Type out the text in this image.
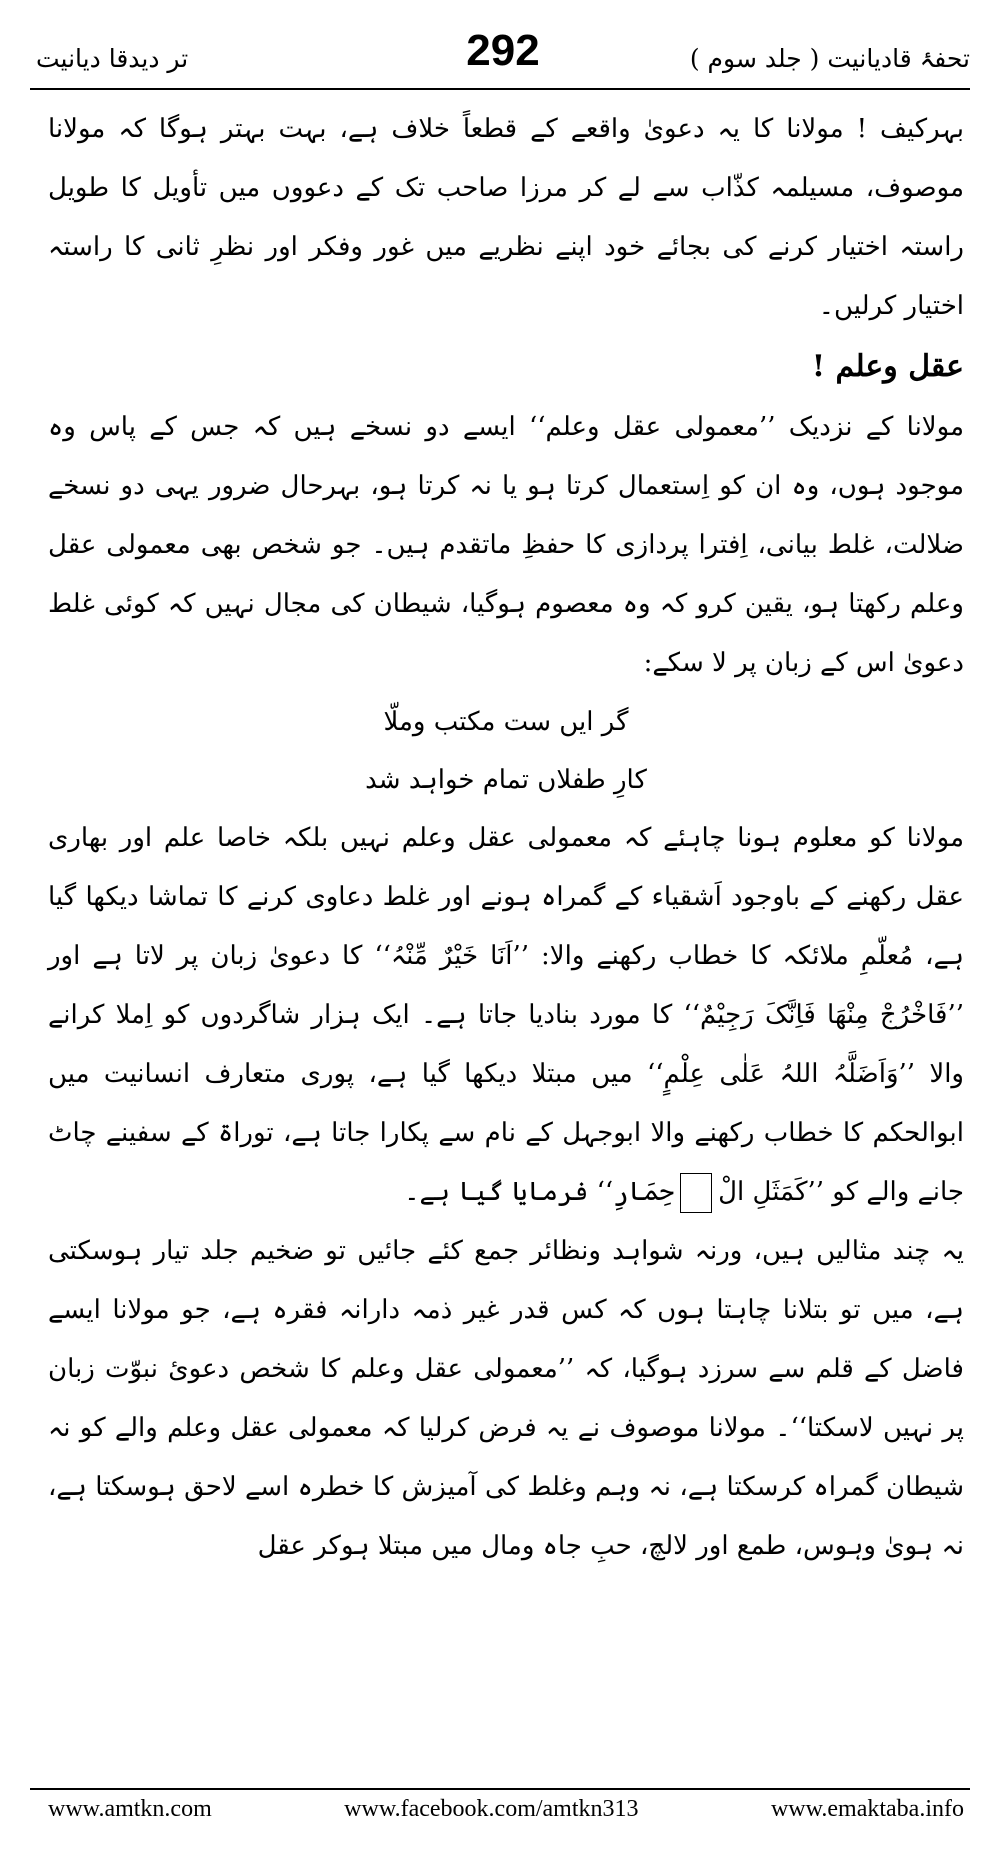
تر دیدقا دیانیت	292	تحفۂ قادیانیت ( جلد سوم )

بہرکیف ! مولانا کا یہ دعویٰ واقعے کے قطعاً خلاف ہے، بہت بہتر ہوگا کہ مولانا موصوف، مسیلمہ کذّاب سے لے کر مرزا صاحب تک کے دعووں میں تأویل کا طویل راستہ اختیار کرنے کی بجائے خود اپنے نظریے میں غور وفکر اور نظرِ ثانی کا راستہ اختیار کرلیں۔

عقل وعلم !

مولانا کے نزدیک ’’معمولی عقل وعلم‘‘ ایسے دو نسخے ہیں کہ جس کے پاس وہ موجود ہوں، وہ ان کو اِستعمال کرتا ہو یا نہ کرتا ہو، بہرحال ضرور یہی دو نسخے ضلالت، غلط بیانی، اِفترا پردازی کا حفظِ ماتقدم ہیں۔ جو شخص بھی معمولی عقل وعلم رکھتا ہو، یقین کرو کہ وہ معصوم ہوگیا، شیطان کی مجال نہیں کہ کوئی غلط دعویٰ اس کے زبان پر لا سکے:

گر ایں ست مکتب وملّا

کارِ طفلاں تمام خواہد شد

مولانا کو معلوم ہونا چاہئے کہ معمولی عقل وعلم نہیں بلکہ خاصا علم اور بھاری عقل رکھنے کے باوجود اَشقیاء کے گمراہ ہونے اور غلط دعاوی کرنے کا تماشا دیکھا گیا ہے، مُعلّمِ ملائکہ کا خطاب رکھنے والا: ’’اَنَا خَیْرٌ مِّنْہُ‘‘ کا دعویٰ زبان پر لاتا ہے اور ’’فَاخْرُجْ مِنْھَا فَاِنَّکَ رَجِیْمٌ‘‘ کا مورد بنادیا جاتا ہے۔ ایک ہزار شاگردوں کو اِملا کرانے والا ’’وَاَضَلَّہُ اللہُ عَلٰی عِلْمٍ‘‘ میں مبتلا دیکھا گیا ہے، پوری متعارف انسانیت میں ابوالحکم کا خطاب رکھنے والا ابوجہل کے نام سے پکارا جاتا ہے، توراۃ کے سفینے چاٹ جانے والے کو ’’کَمَثَلِ الْحِمَارِ‘‘ فرمایا گیا ہے۔

یہ چند مثالیں ہیں، ورنہ شواہد ونظائر جمع کئے جائیں تو ضخیم جلد تیار ہوسکتی ہے، میں تو بتلانا چاہتا ہوں کہ کس قدر غیر ذمہ دارانہ فقرہ ہے، جو مولانا ایسے فاضل کے قلم سے سرزد ہوگیا، کہ ’’معمولی عقل وعلم کا شخص دعویٔ نبوّت زبان پر نہیں لاسکتا‘‘۔ مولانا موصوف نے یہ فرض کرلیا کہ معمولی عقل وعلم والے کو نہ شیطان گمراہ کرسکتا ہے، نہ وہم وغلط کی آمیزش کا خطرہ اسے لاحق ہوسکتا ہے، نہ ہویٰ وہوس، طمع اور لالچ، حبِ جاہ ومال میں مبتلا ہوکر عقل

www.amtkn.com	www.facebook.com/amtkn313	www.emaktaba.info
